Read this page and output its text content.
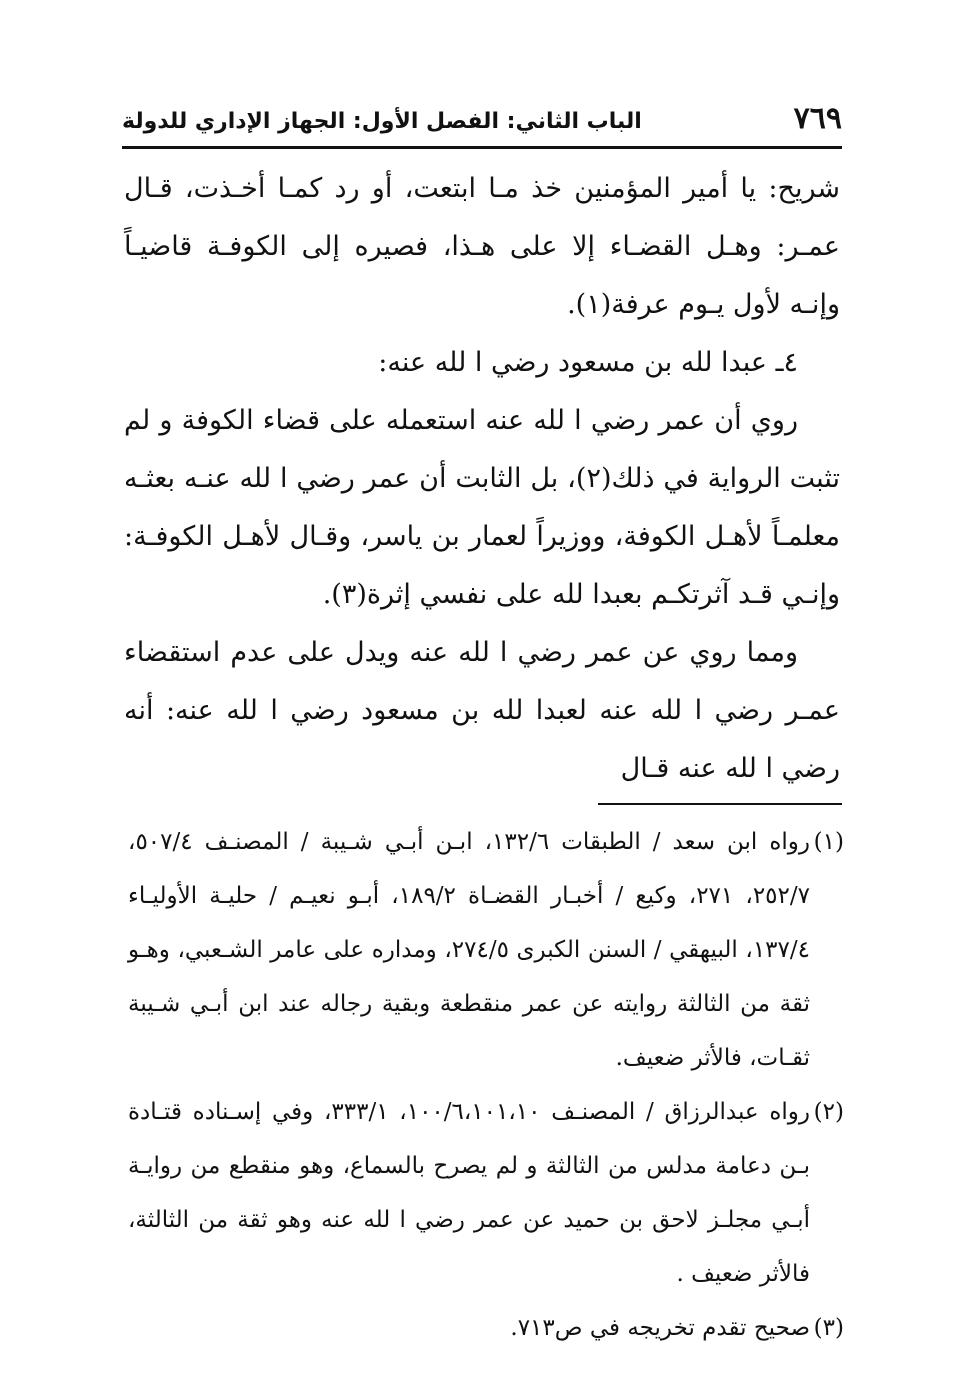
٧٦٩
الباب الثاني: الفصل الأول: الجهاز الإداري للدولة

شريح: يا أمير المؤمنين خذ مـا ابتعت، أو رد كمـا أخـذت، قـال عمـر: وهـل القضـاء إلا على هـذا، فصيره إلى الكوفـة قاضيـاً وإنـه لأول يـوم عرفة(١).

٤ـ عبدا لله بن مسعود رضي ا لله عنه:

روي أن عمر رضي ا لله عنه استعمله على قضاء الكوفة و لم تثبت الرواية في ذلك(٢)، بل الثابت أن عمر رضي ا لله عنـه بعثـه معلمـاً لأهـل الكوفة، ووزيراً لعمار بن ياسر، وقـال لأهـل الكوفـة: وإنـي قـد آثرتكـم بعبدا لله على نفسي إثرة(٣).

ومما روي عن عمر رضي ا لله عنه ويدل على عدم استقضاء عمـر رضي ا لله عنه لعبدا لله بن مسعود رضي ا لله عنه: أنه رضي ا لله عنه قـال

(١)
رواه ابن سعد / الطبقات ١٣٢/٦، ابـن أبـي شـيبة / المصنـف ٥٠٧/٤، ٢٥٢/٧، ٢٧١، وكيع / أخبـار القضـاة ١٨٩/٢، أبـو نعيـم / حليـة الأوليـاء ١٣٧/٤، البيهقي / السنن الكبرى ٢٧٤/٥، ومداره على عامر الشـعبي، وهـو ثقة من الثالثة روايته عن عمر منقطعة وبقية رجاله عند ابن أبـي شـيبة ثقـات، فالأثر ضعيف.

(٢)
رواه عبدالرزاق / المصنـف ١٠٠/٦،١٠١،١٠، ٣٣٣/١، وفي إسـناده قتـادة بـن دعامة مدلس من الثالثة و لم يصرح بالسماع، وهو منقطع من روايـة أبـي مجلـز لاحق بن حميد عن عمر رضي ا لله عنه وهو ثقة من الثالثة، فالأثر ضعيف .

(٣)
صحيح تقدم تخريجه في ص٧١٣.
